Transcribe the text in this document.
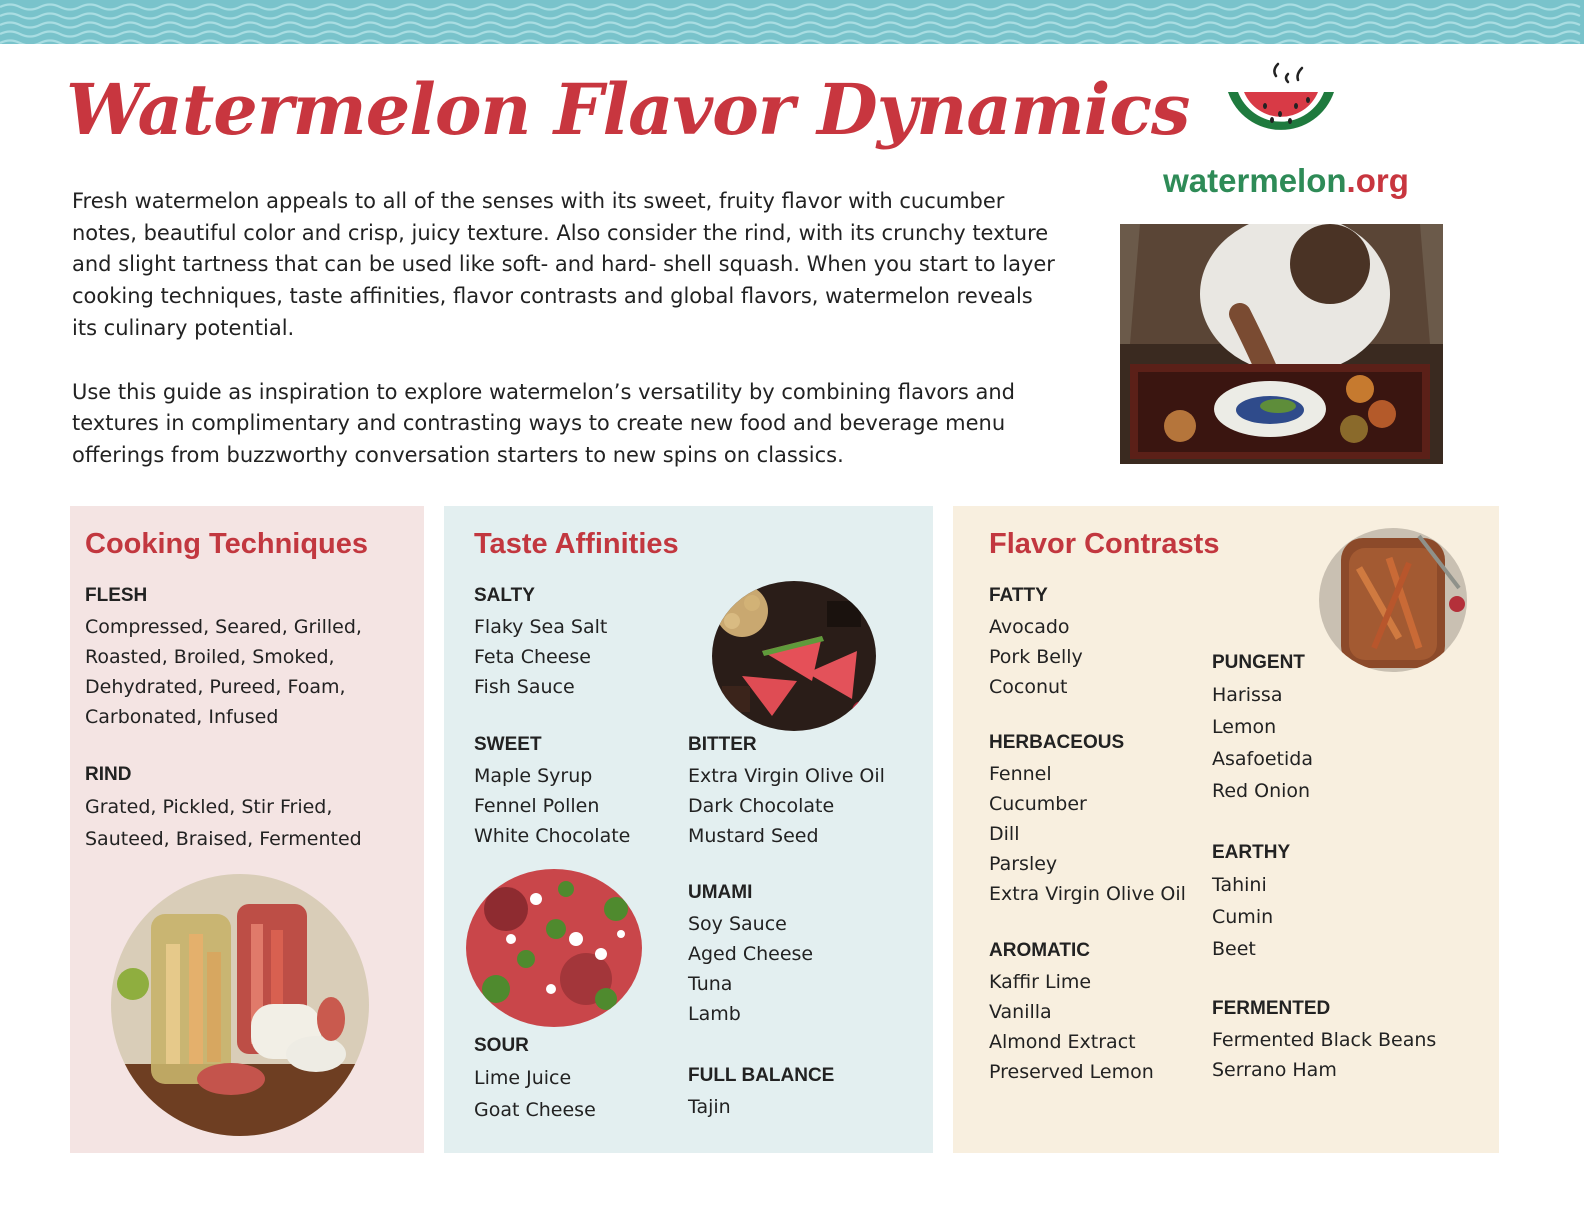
Watermelon Flavor Dynamics

Fresh watermelon appeals to all of the senses with its sweet, fruity flavor with cucumber notes, beautiful color and crisp, juicy texture. Also consider the rind, with its crunchy texture and slight tartness that can be used like soft- and hard- shell squash. When you start to layer cooking techniques, taste affinities, flavor contrasts and global flavors, watermelon reveals its culinary potential.

Use this guide as inspiration to explore watermelon’s versatility by combining flavors and textures in complimentary and contrasting ways to create new food and beverage menu offerings from buzzworthy conversation starters to new spins on classics.

watermelon.org
Cooking Techniques
FLESH
Compressed, Seared, Grilled,
Roasted, Broiled, Smoked,
Dehydrated, Pureed, Foam,
Carbonated, Infused
RIND
Grated, Pickled, Stir Fried,
Sauteed, Braised, Fermented
Taste Affinities
SALTY
Flaky Sea Salt
Feta Cheese
Fish Sauce
SWEET
Maple Syrup
Fennel Pollen
White Chocolate
BITTER
Extra Virgin Olive Oil
Dark Chocolate
Mustard Seed
UMAMI
Soy Sauce
Aged Cheese
Tuna
Lamb
SOUR
Lime Juice
Goat Cheese
FULL BALANCE
Tajin
Flavor Contrasts
FATTY
Avocado
Pork Belly
Coconut
HERBACEOUS
Fennel
Cucumber
Dill
Parsley
Extra Virgin Olive Oil
AROMATIC
Kaffir Lime
Vanilla
Almond Extract
Preserved Lemon
PUNGENT
Harissa
Lemon
Asafoetida
Red Onion
EARTHY
Tahini
Cumin
Beet
FERMENTED
Fermented Black Beans
Serrano Ham
